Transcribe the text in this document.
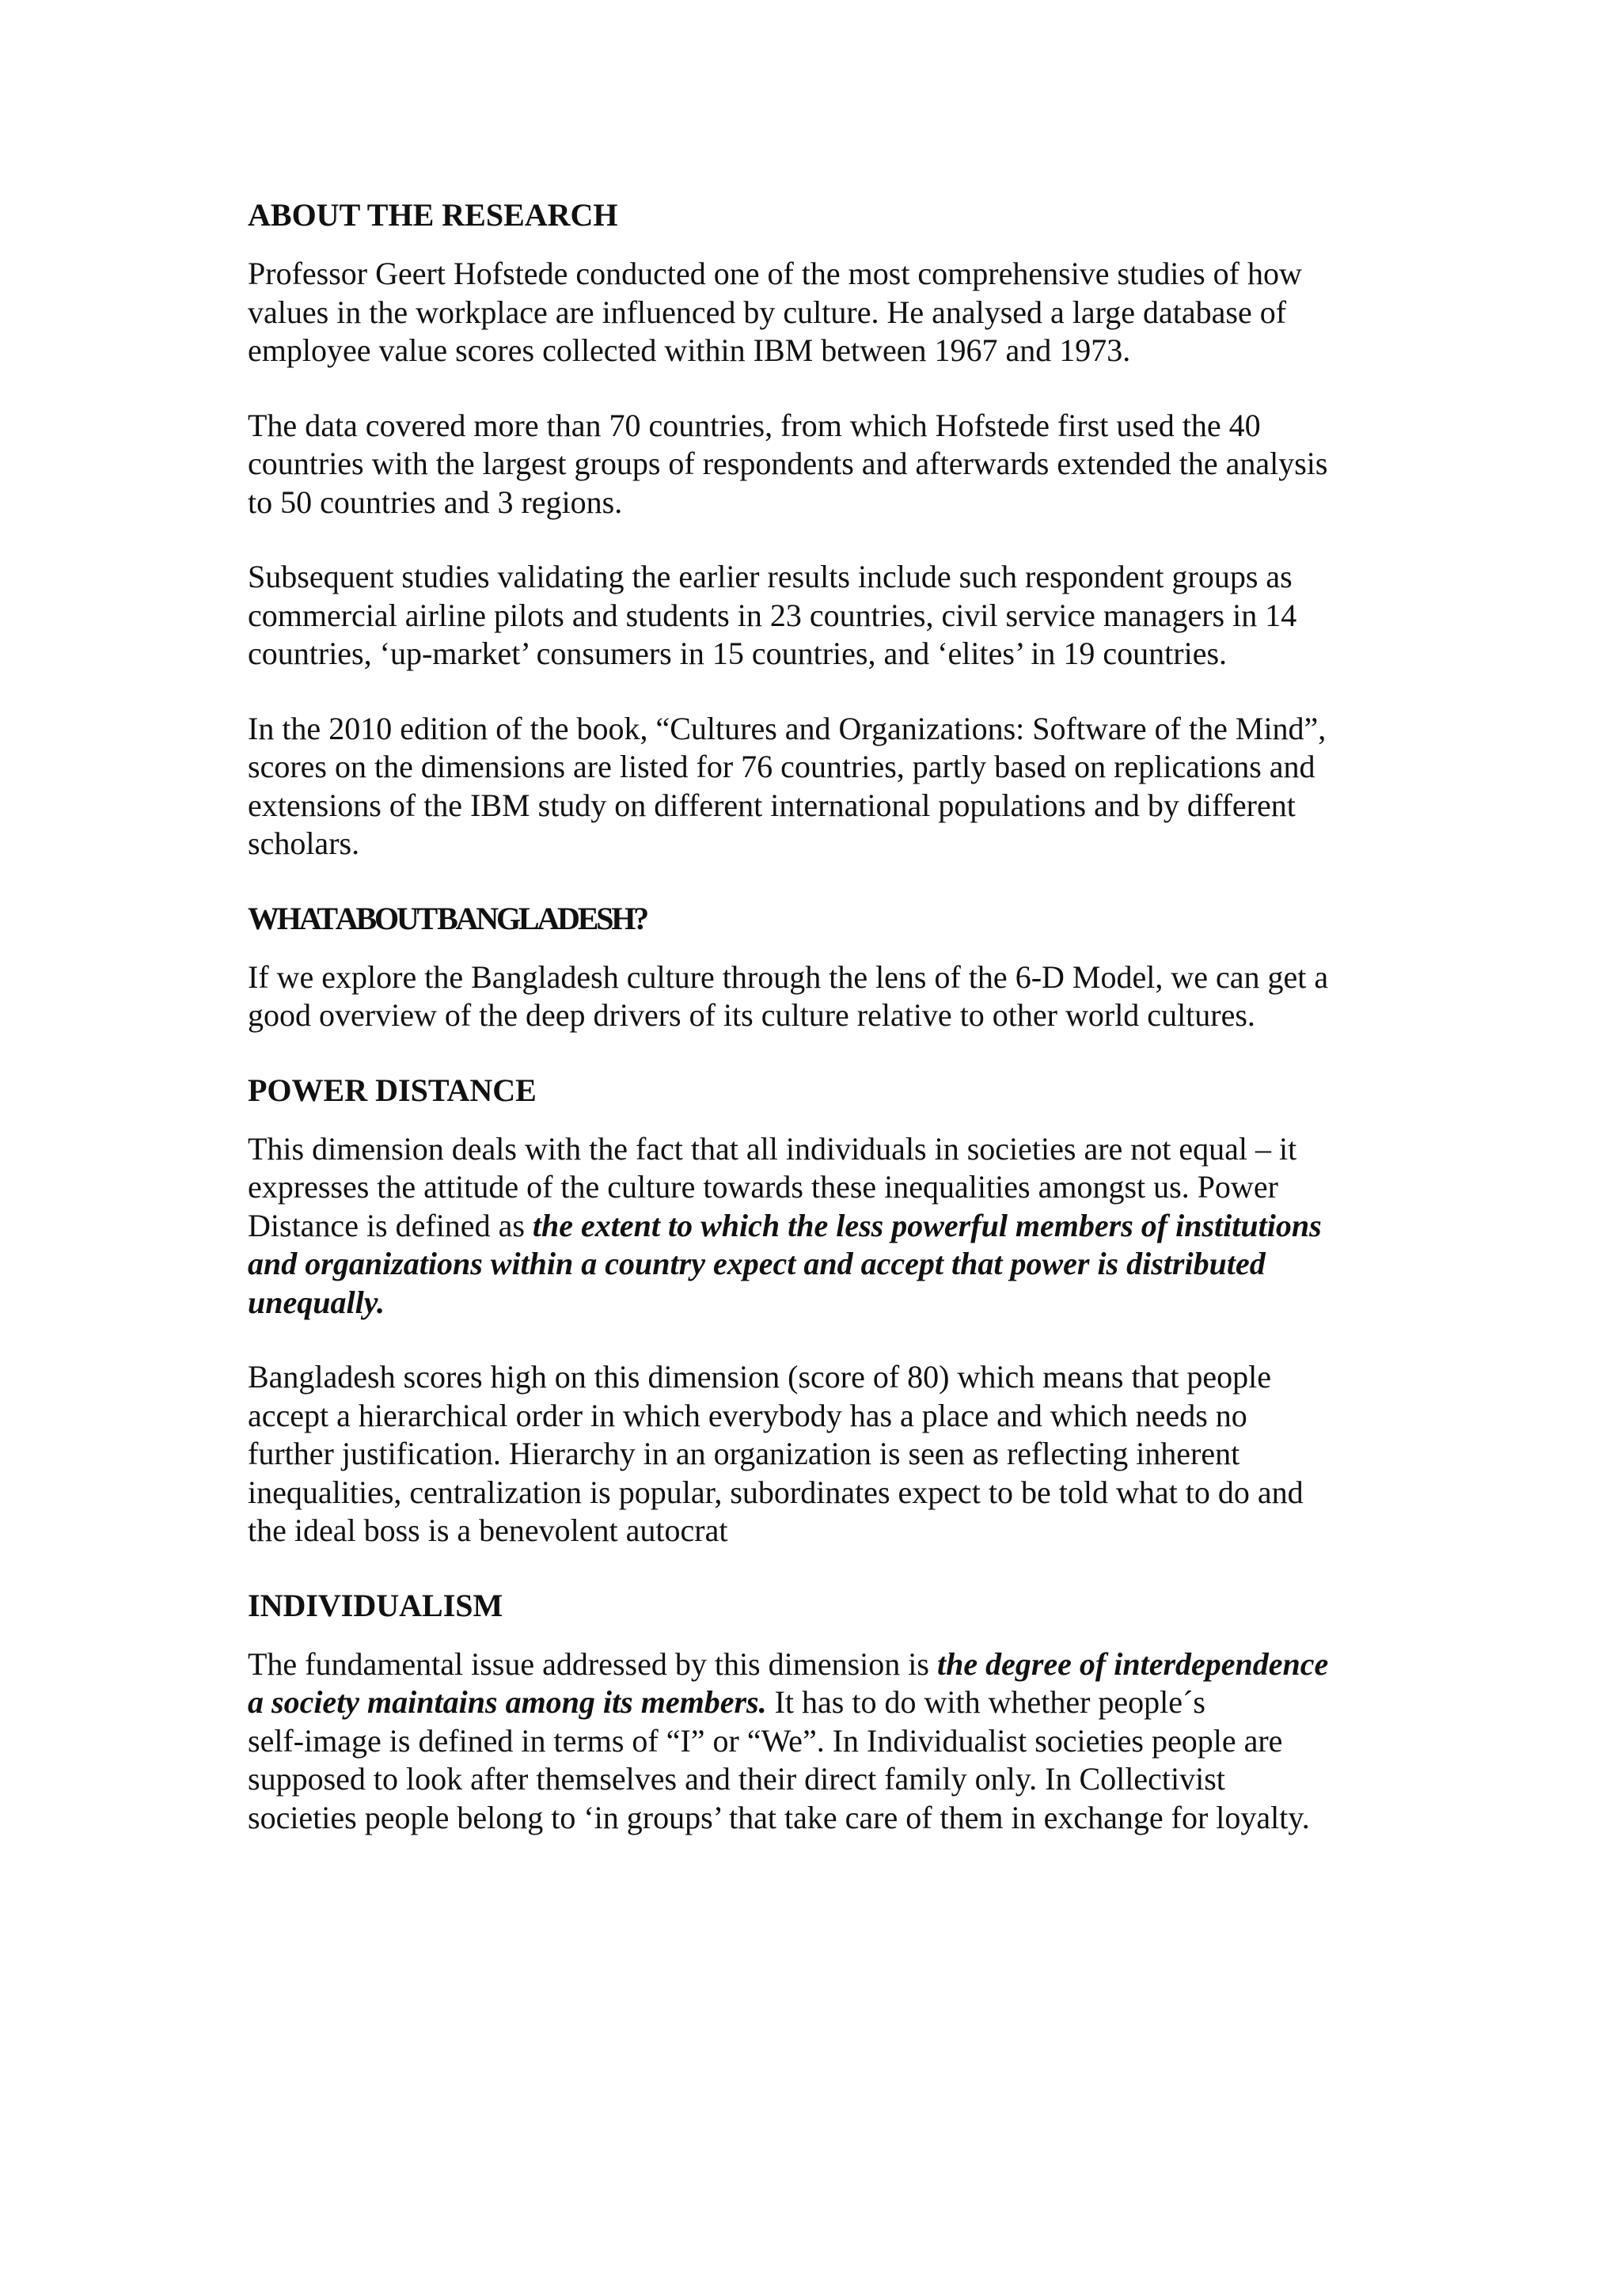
ABOUT THE RESEARCH
Professor Geert Hofstede conducted one of the most comprehensive studies of how
values in the workplace are influenced by culture. He analysed a large database of
employee value scores collected within IBM between 1967 and 1973.
The data covered more than 70 countries, from which Hofstede first used the 40
countries with the largest groups of respondents and afterwards extended the analysis
to 50 countries and 3 regions.
Subsequent studies validating the earlier results include such respondent groups as
commercial airline pilots and students in 23 countries, civil service managers in 14
countries, ‘up-market’ consumers in 15 countries, and ‘elites’ in 19 countries.
In the 2010 edition of the book, “Cultures and Organizations: Software of the Mind”,
scores on the dimensions are listed for 76 countries, partly based on replications and
extensions of the IBM study on different international populations and by different
scholars.
WHAT ABOUT BANGLADESH?
If we explore the Bangladesh culture through the lens of the 6-D Model, we can get a
good overview of the deep drivers of its culture relative to other world cultures.
POWER DISTANCE
This dimension deals with the fact that all individuals in societies are not equal – it
expresses the attitude of the culture towards these inequalities amongst us. Power
Distance is defined as the extent to which the less powerful members of institutions
and organizations within a country expect and accept that power is distributed
unequally.
Bangladesh scores high on this dimension (score of 80) which means that people
accept a hierarchical order in which everybody has a place and which needs no
further justification. Hierarchy in an organization is seen as reflecting inherent
inequalities, centralization is popular, subordinates expect to be told what to do and
the ideal boss is a benevolent autocrat
INDIVIDUALISM
The fundamental issue addressed by this dimension is the degree of interdependence
a society maintains among its members. It has to do with whether people´s
self-image is defined in terms of “I” or “We”. In Individualist societies people are
supposed to look after themselves and their direct family only. In Collectivist
societies people belong to ‘in groups’ that take care of them in exchange for loyalty.
